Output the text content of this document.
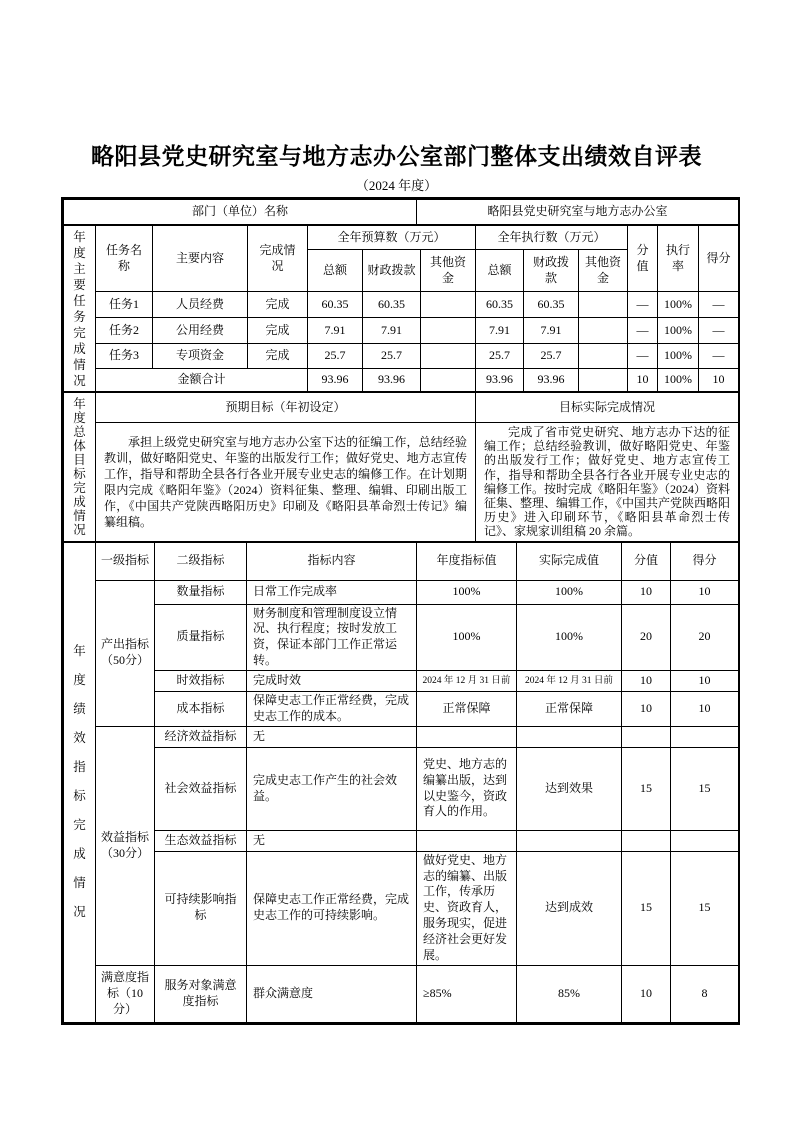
略阳县党史研究室与地方志办公室部门整体支出绩效自评表
（2024 年度）
部门（单位）名称	略阳县党史研究室与地方志办公室
年度主要任务完成情况	任务名称	主要内容	完成情况	全年预算数（万元）			全年执行数（万元）			分值	执行率	得分
				总额	财政拨款	其他资金	总额	财政拨款	其他资金			
	任务1	人员经费	完成	60.35	60.35		60.35	60.35		—	100%	—
	任务2	公用经费	完成	7.91	7.91		7.91	7.91		—	100%	—
	任务3	专项资金	完成	25.7	25.7		25.7	25.7		—	100%	—
	金额合计			93.96	93.96		93.96	93.96		10	100%	10
年度总体目标完成情况	预期目标（年初设定）	目标实际完成情况
	承担上级党史研究室与地方志办公室下达的征编工作，总结经验教训，做好略阳党史、年鉴的出版发行工作；做好党史、地方志宣传工作，指导和帮助全县各行各业开展专业史志的编修工作。在计划期限内完成《略阳年鉴》（2024）资料征集、整理、编辑、印刷出版工作，《中国共产党陕西略阳历史》印刷及《略阳县革命烈士传记》编纂组稿。	完成了省市党史研究、地方志办下达的征编工作；总结经验教训，做好略阳党史、年鉴的出版发行工作；做好党史、地方志宣传工作，指导和帮助全县各行各业开展专业史志的编修工作。按时完成《略阳年鉴》（2024）资料征集、整理、编辑工作，《中国共产党陕西略阳历史》进入印刷环节，《略阳县革命烈士传记》、家规家训组稿 20 余篇。
年度绩效指标完成情况	一级指标	二级指标	指标内容	年度指标值	实际完成值	分值	得分
	产出指标（50分）	数量指标	日常工作完成率	100%	100%	10	10
		质量指标	财务制度和管理制度设立情况、执行程度；按时发放工资，保证本部门工作正常运转。	100%	100%	20	20
		时效指标	完成时效	2024 年 12 月 31 日前	2024 年 12 月 31 日前	10	10
		成本指标	保障史志工作正常经费，完成史志工作的成本。	正常保障	正常保障	10	10
	效益指标（30分）	经济效益指标	无				
		社会效益指标	完成史志工作产生的社会效益。	党史、地方志的编纂出版，达到以史鉴今，资政育人的作用。	达到效果	15	15
		生态效益指标	无				
		可持续影响指标	保障史志工作正常经费，完成史志工作的可持续影响。	做好党史、地方志的编纂、出版工作，传承历史、资政育人，服务现实，促进经济社会更好发展。	达到成效	15	15
	满意度指标（10分）	服务对象满意度指标	群众满意度	≥85%	85%	10	8
